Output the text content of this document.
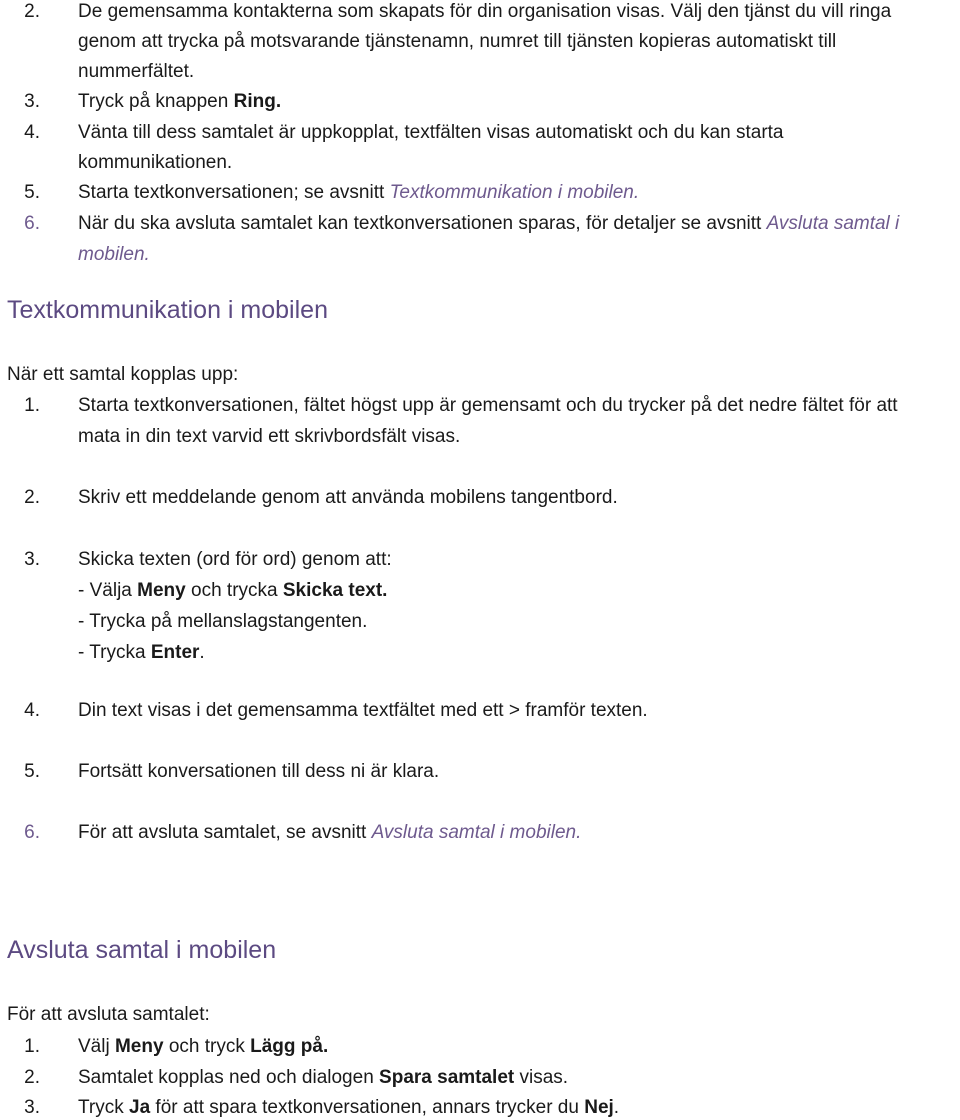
2. De gemensamma kontakterna som skapats för din organisation visas. Välj den tjänst du vill ringa
genom att trycka på motsvarande tjänstenamn, numret till tjänsten kopieras automatiskt till
nummerfältet.
3. Tryck på knappen Ring.
4. Vänta till dess samtalet är uppkopplat, textfälten visas automatiskt och du kan starta
kommunikationen.
5. Starta textkonversationen; se avsnitt Textkommunikation i mobilen.
6. När du ska avsluta samtalet kan textkonversationen sparas, för detaljer se avsnitt Avsluta samtal i
mobilen.
Textkommunikation i mobilen
När ett samtal kopplas upp:
1. Starta textkonversationen, fältet högst upp är gemensamt och du trycker på det nedre fältet för att
mata in din text varvid ett skrivbordsfält visas.
2. Skriv ett meddelande genom att använda mobilens tangentbord.
3. Skicka texten (ord för ord) genom att:
- Välja Meny och trycka Skicka text.
- Trycka på mellanslagstangenten.
- Trycka Enter.
4. Din text visas i det gemensamma textfältet med ett > framför texten.
5. Fortsätt konversationen till dess ni är klara.
6. För att avsluta samtalet, se avsnitt Avsluta samtal i mobilen.
Avsluta samtal i mobilen
För att avsluta samtalet:
1. Välj Meny och tryck Lägg på.
2. Samtalet kopplas ned och dialogen Spara samtalet visas.
3. Tryck Ja för att spara textkonversationen, annars trycker du Nej.
